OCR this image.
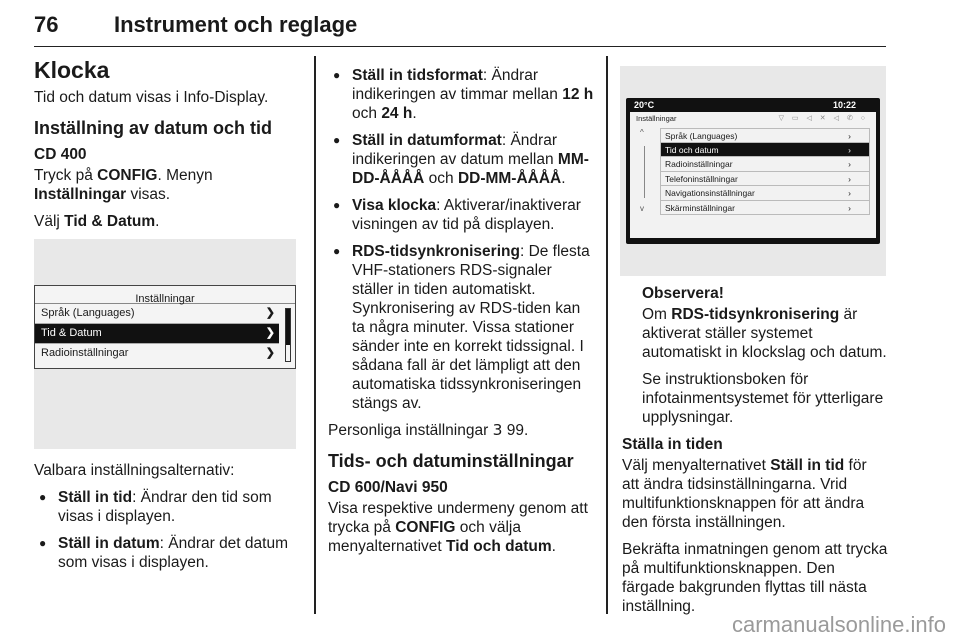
76	Instrument och reglage
Klocka

Tid och datum visas i Info-Display.

Inställning av datum och tid
CD 400

Tryck på CONFIG. Menyn Inställningar visas.

Välj Tid & Datum.

Inställningar
Språk (Languages)	❯
Tid & Datum	❯
Radioinställningar	❯

Valbara inställningsalternativ:

● Ställ in tid: Ändrar den tid som visas i displayen.
● Ställ in datum: Ändrar det datum som visas i displayen.
● Ställ in tidsformat: Ändrar indikeringen av timmar mellan 12 h och 24 h.
● Ställ in datumformat: Ändrar indikeringen av datum mellan MM-DD-ÅÅÅÅ och DD-MM-ÅÅÅÅ.
● Visa klocka: Aktiverar/inaktiverar visningen av tid på displayen.
● RDS-tidsynkronisering: De flesta VHF-stationers RDS-signaler ställer in tiden automatiskt. Synkronisering av RDS-tiden kan ta några minuter. Vissa stationer sänder inte en korrekt tidssignal. I sådana fall är det lämpligt att den automatiska tidssynkroniseringen stängs av.

Personliga inställningar 3 99.

Tids- och datuminställningar
CD 600/Navi 950

Visa respektive undermeny genom att trycka på CONFIG och välja menyalternativet Tid och datum.

20°C	10:22
Inställningar	▽ ▭ ◁ ✕ ◁ ✆ ○
^
v
Språk (Languages)	›
Tid och datum	›
Radioinställningar	›
Telefoninställningar	›
Navigationsinställningar	›
Skärminställningar	›
Observera!

Om RDS-tidsynkronisering är aktiverat ställer systemet automatiskt in klockslag och datum.

Se instruktionsboken för infotainmentsystemet för ytterligare upplysningar.

Ställa in tiden

Välj menyalternativet Ställ in tid för att ändra tidsinställningarna. Vrid multifunktionsknappen för att ändra den första inställningen.

Bekräfta inmatningen genom att trycka på multifunktionsknappen. Den färgade bakgrunden flyttas till nästa inställning.

carmanualsonline.info
